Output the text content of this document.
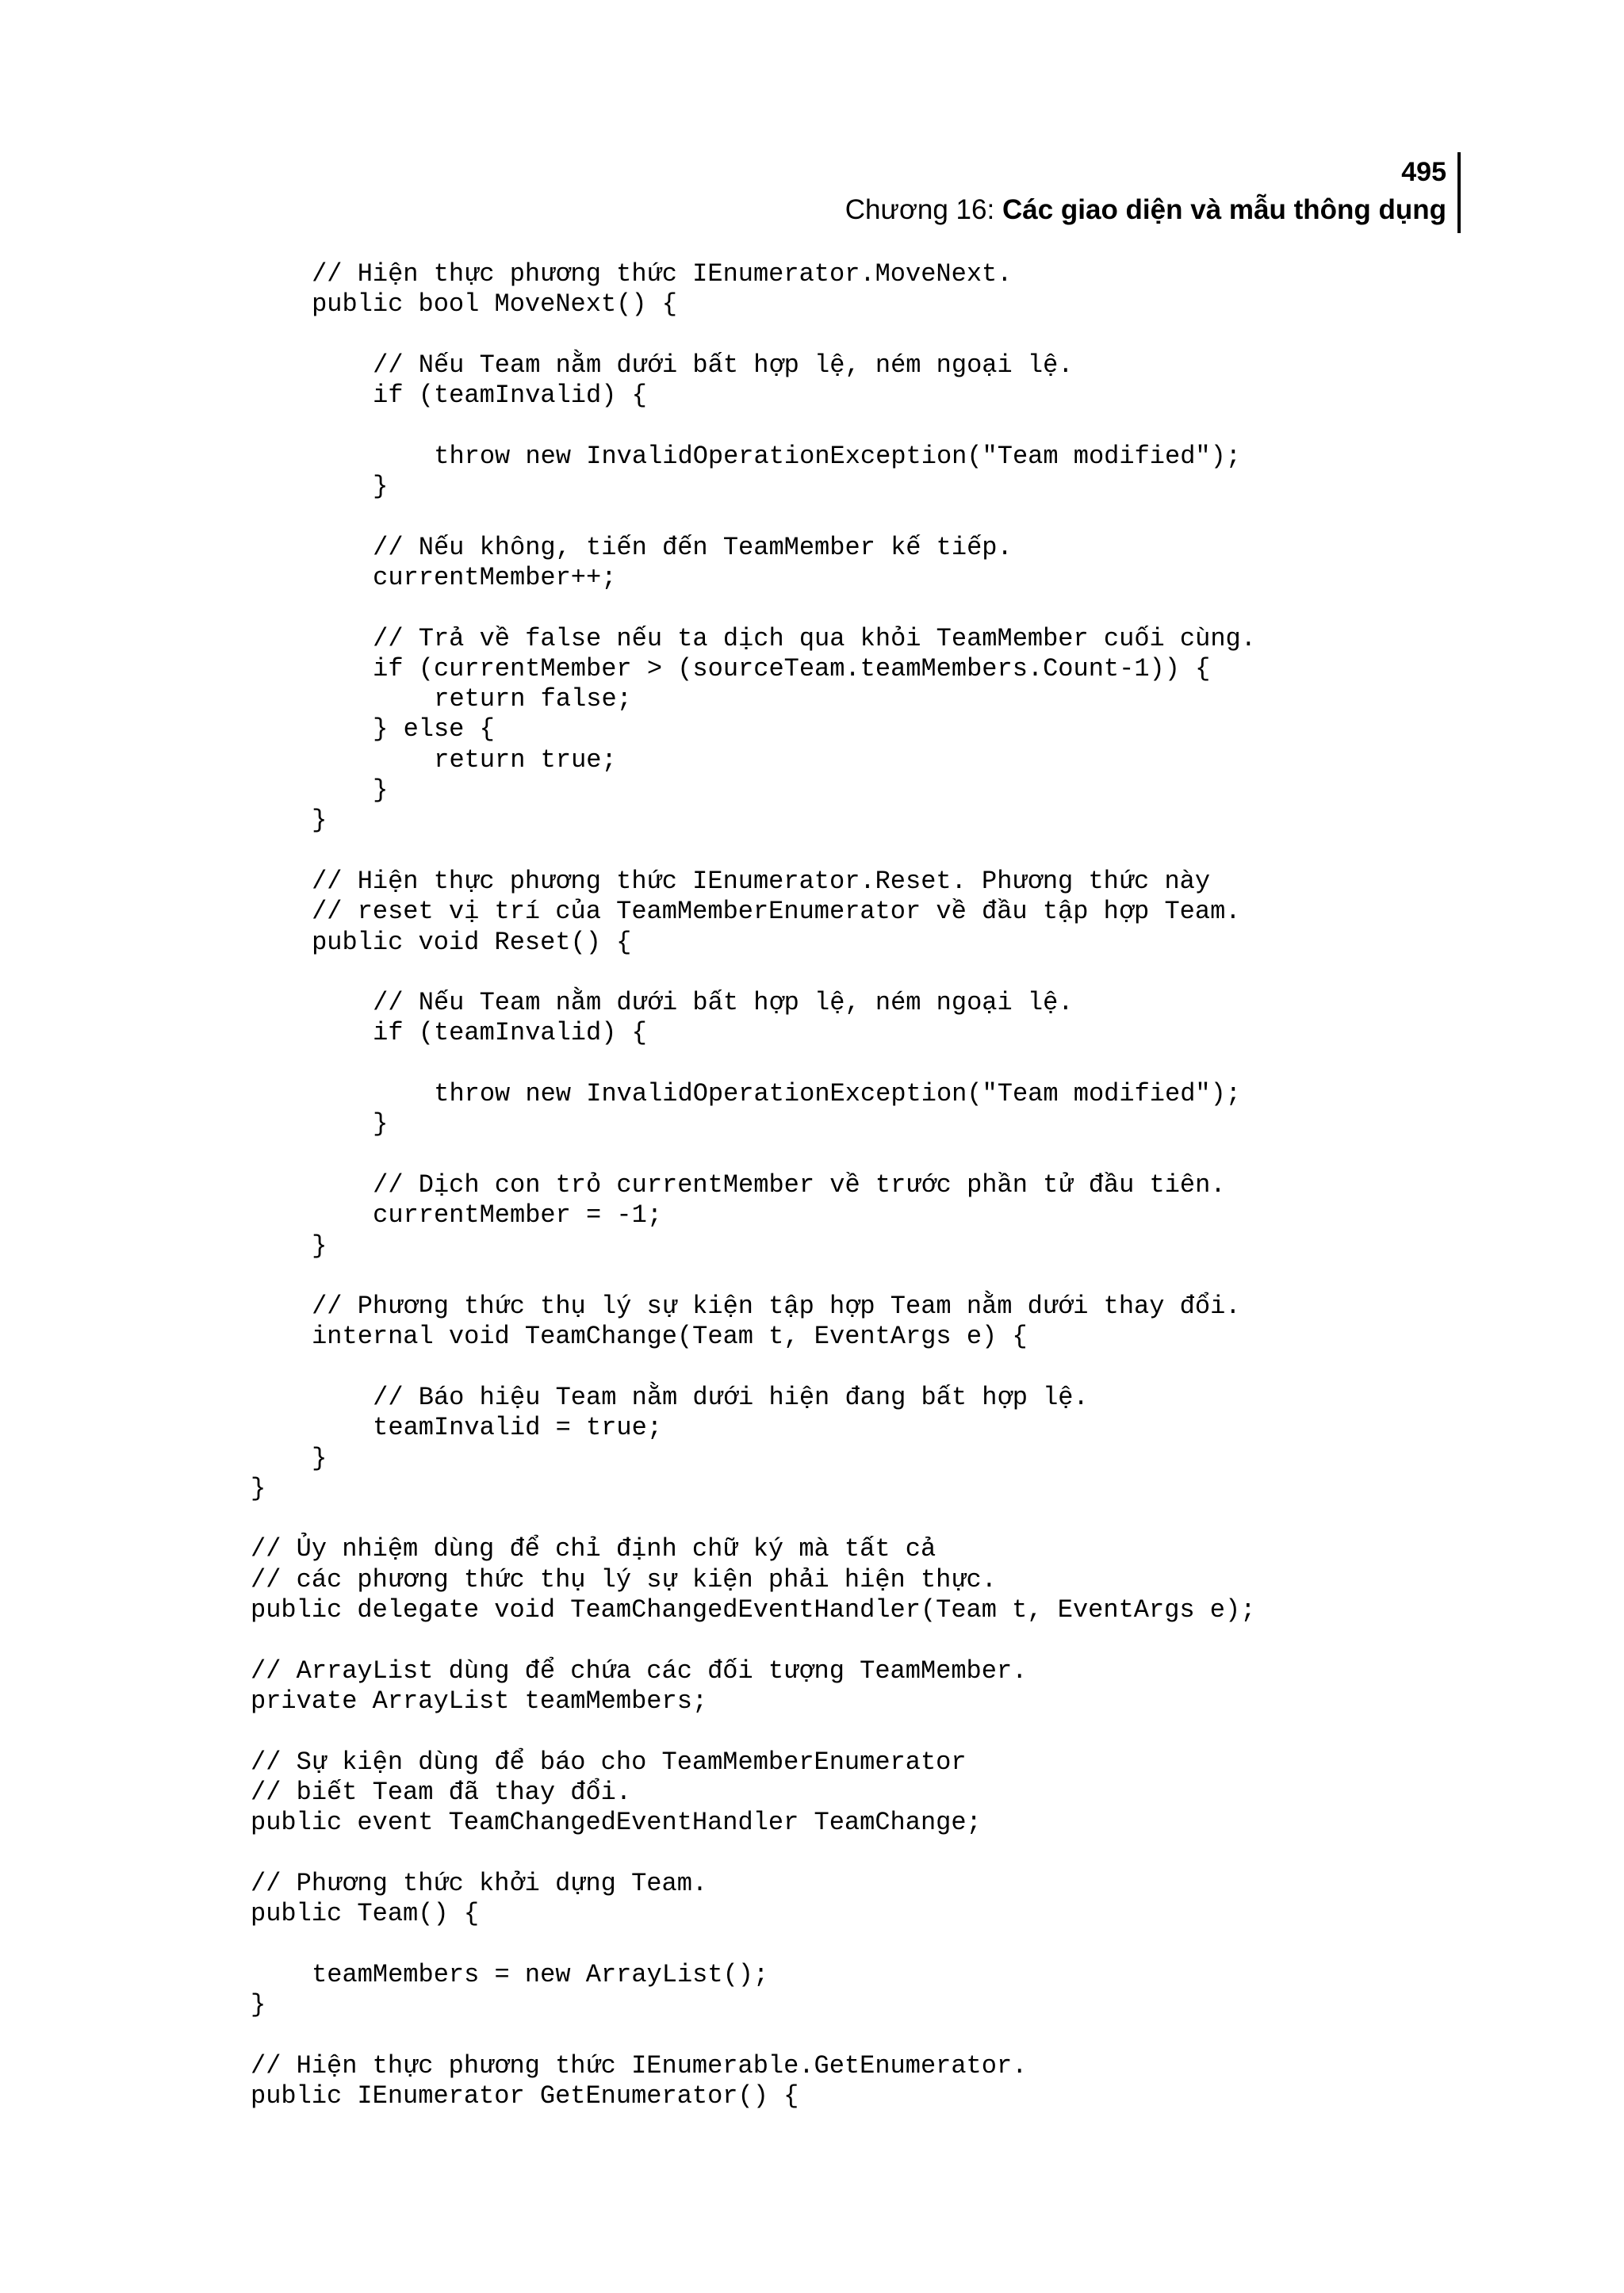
495
Chương 16: Các giao diện và mẫu thông dụng
// Hiện thực phương thức IEnumerator.MoveNext.
public bool MoveNext() {
// Nếu Team nằm dưới bất hợp lệ, ném ngoại lệ.
if (teamInvalid) {
throw new InvalidOperationException("Team modified");
}
// Nếu không, tiến đến TeamMember kế tiếp.
currentMember++;
// Trả về false nếu ta dịch qua khỏi TeamMember cuối cùng.
if (currentMember > (sourceTeam.teamMembers.Count-1)) {
return false;
} else {
return true;
}
}
// Hiện thực phương thức IEnumerator.Reset. Phương thức này
// reset vị trí của TeamMemberEnumerator về đầu tập hợp Team.
public void Reset() {
// Nếu Team nằm dưới bất hợp lệ, ném ngoại lệ.
if (teamInvalid) {
throw new InvalidOperationException("Team modified");
}
// Dịch con trỏ currentMember về trước phần tử đầu tiên.
currentMember = -1;
}
// Phương thức thụ lý sự kiện tập hợp Team nằm dưới thay đổi.
internal void TeamChange(Team t, EventArgs e) {
// Báo hiệu Team nằm dưới hiện đang bất hợp lệ.
teamInvalid = true;
}
}
// Ủy nhiệm dùng để chỉ định chữ ký mà tất cả
// các phương thức thụ lý sự kiện phải hiện thực.
public delegate void TeamChangedEventHandler(Team t, EventArgs e);
// ArrayList dùng để chứa các đối tượng TeamMember.
private ArrayList teamMembers;
// Sự kiện dùng để báo cho TeamMemberEnumerator
// biết Team đã thay đổi.
public event TeamChangedEventHandler TeamChange;
// Phương thức khởi dựng Team.
public Team() {
teamMembers = new ArrayList();
}
// Hiện thực phương thức IEnumerable.GetEnumerator.
public IEnumerator GetEnumerator() {
